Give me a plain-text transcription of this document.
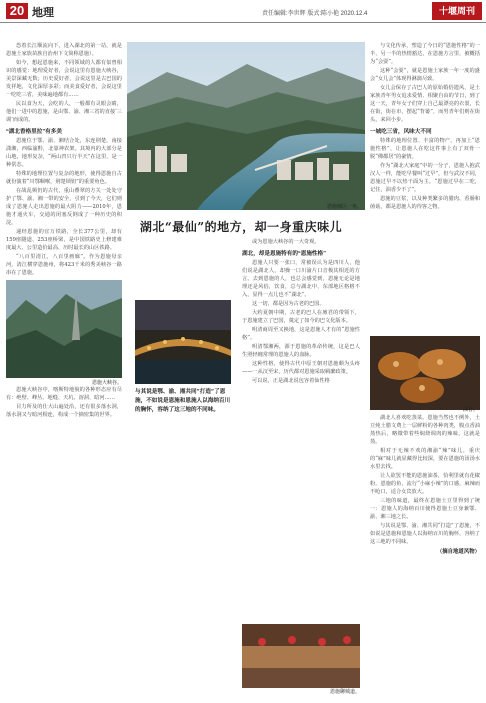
20 地理	责任编辑:李世辉 版式:陈小艳 2020.12.4	十堰周刊
恩施城区一角。
湖北“最仙”的地方，却一身重庆味儿

恐着长江顺流向下，进入湖北的第一站，就是恩施土家族苗族自治州下文简称恩施）。

如今，想起恩施来，不同领域的人都有似曾相识的感觉：地理爱好者，会说这里有恩施大峡谷，美景深藏无数；历史爱好者，会说这里是古巴国的发祥地，文化深厚多彩；而美食爱好者，会说这里一吃吃三省，美味遍地都有……

民以食为天，会吃的人，一般都有灵眼会睛，他们一进中的恩施，是由鄂、渝、湘三省的直接‘三调’而成的。

“湖北香格里拉”有多美

恩施位于鄂、渝、湘结合处，东连荆楚，南接潇湘，西临渝黔，北靠神农架。其境内的大部分是山地，地形复杂，“两山凹只行半天”在这里，是一种常态。

特殊的地理位置与复杂的地形，使得恩施自古就份演着“川鄂咽喉，荆楚锁钥”的重要角色。

在战乱频仍的古代，重山叠翠的方关一处处守护了鄂、渝、湘一带的安全，引到了今天，它们则成了恩施人走出恩施的最大阻力——2010年，恩施才通火车，交通的闭塞反倒成了一种历史的积淀。

递经恩施的宜万铁路，全长377公里，却有159座隧道、253座桥梁，是中国铁路史上修建难度最大、公里造价最高、历时最长的山区铁路。

“八百里清江，八百里画廊”。作为恩施母亲河，清江横穿恩施州，将423千米的秀美峡谷一路串在了恩施。

恩施大峡谷。

恩施大峡谷中，喀斯特地貌的各种形态应有尽有：绝壁、峰丛、地缝、天坑、溶洞、暗河……

目力所及的仕大山遍处沿，还有很多落水洞，落水洞又与暗河相连，构成一个摘密集的世界。

与其说是鄂、渝、湘共同“打造”了恩施，不如说是恩施和恩施人以海纳百川的胸怀，容纳了这三地的不同味。

或为恩施大峡谷的一大奇观。

湖北，却是恩施特有的“恩施性格”

恩施人只要一张口，常被误认为是四川人，他们说是湖北人，却操一口川渝片口音极其相近的方言。去到恩施的人，也总会感觉到，恩施无论是地理还是风俗，饮食，总与湖北中、东部地区格格不入，显得一点儿也不“湖北”。

这一切，都是因为古老的巴国。

大约夏朝中期，古老的巴人在廪君的带领下，于恩施建立了巴国，奠定了如今的巴文化版本。

明清商周至又换地，这是恩施人才有的“恩施性格”。

明清鄂湘两，源于恩施的革命传统，这是巴人生照轻缠常理的恩施人的血脉。

这种性格，使得古代中原王朝对恩施颇为头疼——一从汉至宋，历代都对恩施采取羁縻政策。

可以说，正是湖北说包容着仙性格

恩施聊城道。

与文化传承，塑造了今日的“恩施性格”的一半，另一半的热情豁达，在恩施方言里，被概括为“会耍”。

这种“会耍”，就是恩施土家族一年一度的盛会“女儿会”体现得淋漓尽致。

女儿会保存了古巴人的原始婚俗遗风，是土家族青年男女追求爱情、相聚自由的节日，到了这一天，青年女子们穿上自己最漂亮的衣裳，长在街，街在市，摆起“背篓”，而男青年们则在街头，来回小步。

一城吃三省，风味大不同

特殊的地理位置、丰富的物产，再加上“恩施性格”，让恩施人在吃这件事上有了双骨一脱“佛都居”的豪情。

作为“湖北大家庭”中的一分子，恩施人抱武汉人一样，能吃早餐叫“过早”，但与武汉不同，恩施过早不以热干面为主，“恩施过早在二吃，记住，油香少不了”。

恩施的豆浆，以及种类繁多的腊肉、香肠和菌菇，都是恩施人的待客之物。

油香。

湖北人喜欢吃蒸菜。恩施当然也不例外，土豆炖土腊文费上一层鲜粉的各种肉类，腹点香油蒸热后，略微带着些焖烧调肉的辣味，这就是蒸。

相对于无辣不欢的湘渝“辣”味儿，重庆的“麻”味儿就显藏得比较深，要在恩施的汤汤水水里去找。

让人欲罢不能的恩施油茶，恰利里就有花椒粉。恩施的鱼，流行“小麻小辣”的口感，麻辣而不呛口，适合女宾放大。

三地的味道，最终在恩施土豆里得到了统一：恩施人的海纳百川使得恩施土豆身兼鄂、渝、湘三地之长。

与其说是鄂、渝、湘共同“打造”了恩施，不如说是恩施和恩施人以海纳百川的胸怀，容纳了这三地的不同味。

（摘自地道风物）
